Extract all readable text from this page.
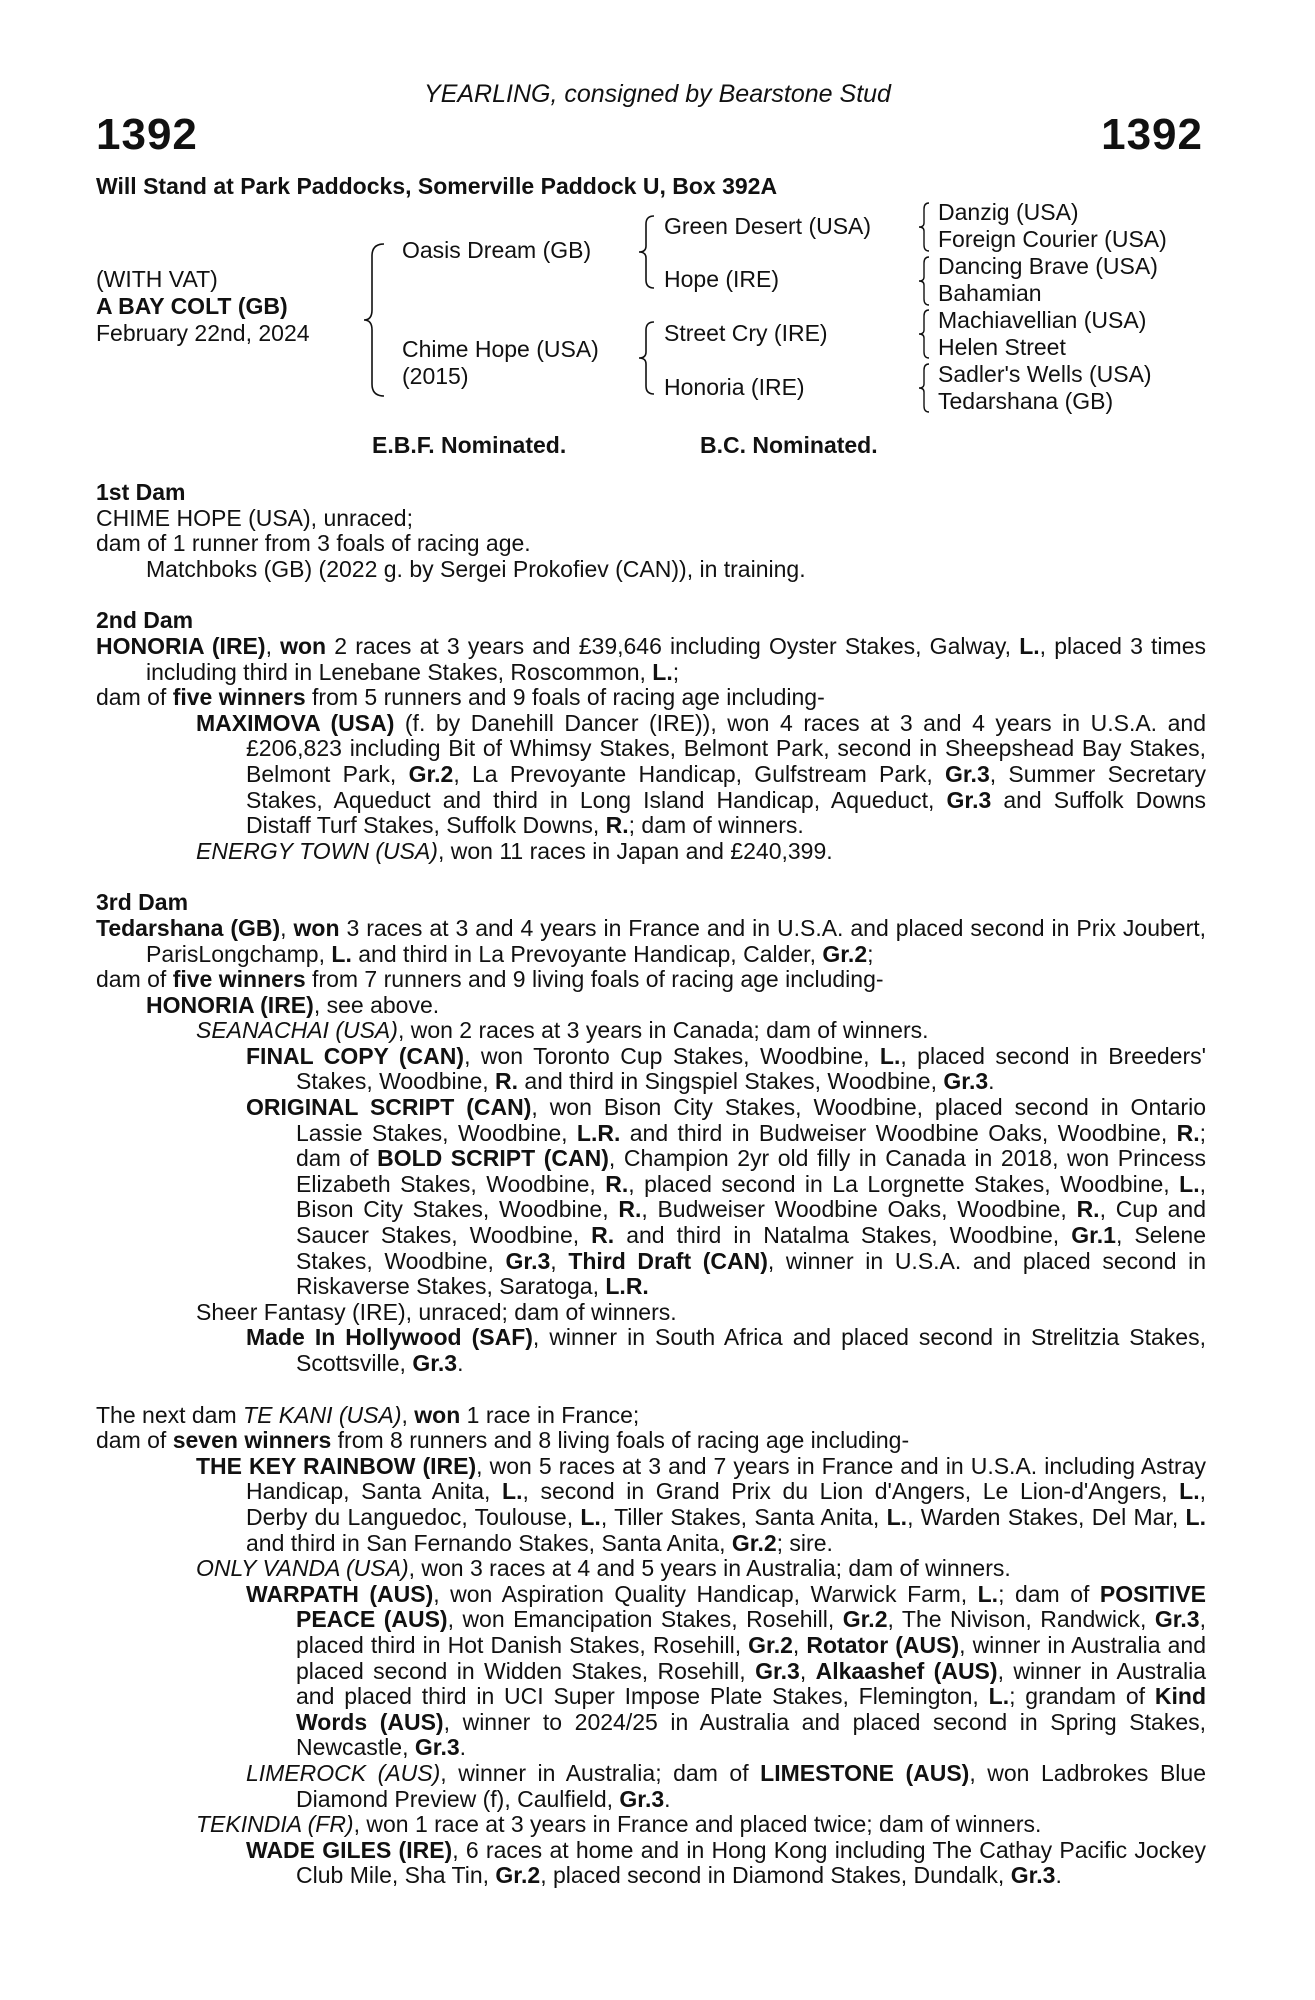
YEARLING, consigned by Bearstone Stud
1392	1392
Will Stand at Park Paddocks, Somerville Paddock U, Box 392A
(WITH VAT)
A BAY COLT (GB)
February 22nd, 2024
Oasis Dream (GB)
Chime Hope (USA)
(2015)
Green Desert (USA)
Hope (IRE)
Street Cry (IRE)
Honoria (IRE)
Danzig (USA)
Foreign Courier (USA)
Dancing Brave (USA)
Bahamian
Machiavellian (USA)
Helen Street
Sadler's Wells (USA)
Tedarshana (GB)
E.B.F. Nominated.	B.C. Nominated.

1st Dam

CHIME HOPE (USA), unraced;

dam of 1 runner from 3 foals of racing age.

Matchboks (GB) (2022 g. by Sergei Prokofiev (CAN)), in training.

2nd Dam

HONORIA (IRE), won 2 races at 3 years and £39,646 including Oyster Stakes, Galway, L., placed 3 times including third in Lenebane Stakes, Roscommon, L.;

dam of five winners from 5 runners and 9 foals of racing age including-

MAXIMOVA (USA) (f. by Danehill Dancer (IRE)), won 4 races at 3 and 4 years in U.S.A. and £206,823 including Bit of Whimsy Stakes, Belmont Park, second in Sheepshead Bay Stakes, Belmont Park, Gr.2, La Prevoyante Handicap, Gulfstream Park, Gr.3, Summer Secretary Stakes, Aqueduct and third in Long Island Handicap, Aqueduct, Gr.3 and Suffolk Downs Distaff Turf Stakes, Suffolk Downs, R.; dam of winners.

ENERGY TOWN (USA), won 11 races in Japan and £240,399.

3rd Dam

Tedarshana (GB), won 3 races at 3 and 4 years in France and in U.S.A. and placed second in Prix Joubert, ParisLongchamp, L. and third in La Prevoyante Handicap, Calder, Gr.2;

dam of five winners from 7 runners and 9 living foals of racing age including-

HONORIA (IRE), see above.

SEANACHAI (USA), won 2 races at 3 years in Canada; dam of winners.

FINAL COPY (CAN), won Toronto Cup Stakes, Woodbine, L., placed second in Breeders' Stakes, Woodbine, R. and third in Singspiel Stakes, Woodbine, Gr.3.

ORIGINAL SCRIPT (CAN), won Bison City Stakes, Woodbine, placed second in Ontario Lassie Stakes, Woodbine, L.R. and third in Budweiser Woodbine Oaks, Woodbine, R.; dam of BOLD SCRIPT (CAN), Champion 2yr old filly in Canada in 2018, won Princess Elizabeth Stakes, Woodbine, R., placed second in La Lorgnette Stakes, Woodbine, L., Bison City Stakes, Woodbine, R., Budweiser Woodbine Oaks, Woodbine, R., Cup and Saucer Stakes, Woodbine, R. and third in Natalma Stakes, Woodbine, Gr.1, Selene Stakes, Woodbine, Gr.3, Third Draft (CAN), winner in U.S.A. and placed second in Riskaverse Stakes, Saratoga, L.R.

Sheer Fantasy (IRE), unraced; dam of winners.

Made In Hollywood (SAF), winner in South Africa and placed second in Strelitzia Stakes, Scottsville, Gr.3.

The next dam TE KANI (USA), won 1 race in France;

dam of seven winners from 8 runners and 8 living foals of racing age including-

THE KEY RAINBOW (IRE), won 5 races at 3 and 7 years in France and in U.S.A. including Astray Handicap, Santa Anita, L., second in Grand Prix du Lion d'Angers, Le Lion-d'Angers, L., Derby du Languedoc, Toulouse, L., Tiller Stakes, Santa Anita, L., Warden Stakes, Del Mar, L. and third in San Fernando Stakes, Santa Anita, Gr.2; sire.

ONLY VANDA (USA), won 3 races at 4 and 5 years in Australia; dam of winners.

WARPATH (AUS), won Aspiration Quality Handicap, Warwick Farm, L.; dam of POSITIVE PEACE (AUS), won Emancipation Stakes, Rosehill, Gr.2, The Nivison, Randwick, Gr.3, placed third in Hot Danish Stakes, Rosehill, Gr.2, Rotator (AUS), winner in Australia and placed second in Widden Stakes, Rosehill, Gr.3, Alkaashef (AUS), winner in Australia and placed third in UCI Super Impose Plate Stakes, Flemington, L.; grandam of Kind Words (AUS), winner to 2024/25 in Australia and placed second in Spring Stakes, Newcastle, Gr.3.

LIMEROCK (AUS), winner in Australia; dam of LIMESTONE (AUS), won Ladbrokes Blue Diamond Preview (f), Caulfield, Gr.3.

TEKINDIA (FR), won 1 race at 3 years in France and placed twice; dam of winners.

WADE GILES (IRE), 6 races at home and in Hong Kong including The Cathay Pacific Jockey Club Mile, Sha Tin, Gr.2, placed second in Diamond Stakes, Dundalk, Gr.3.
